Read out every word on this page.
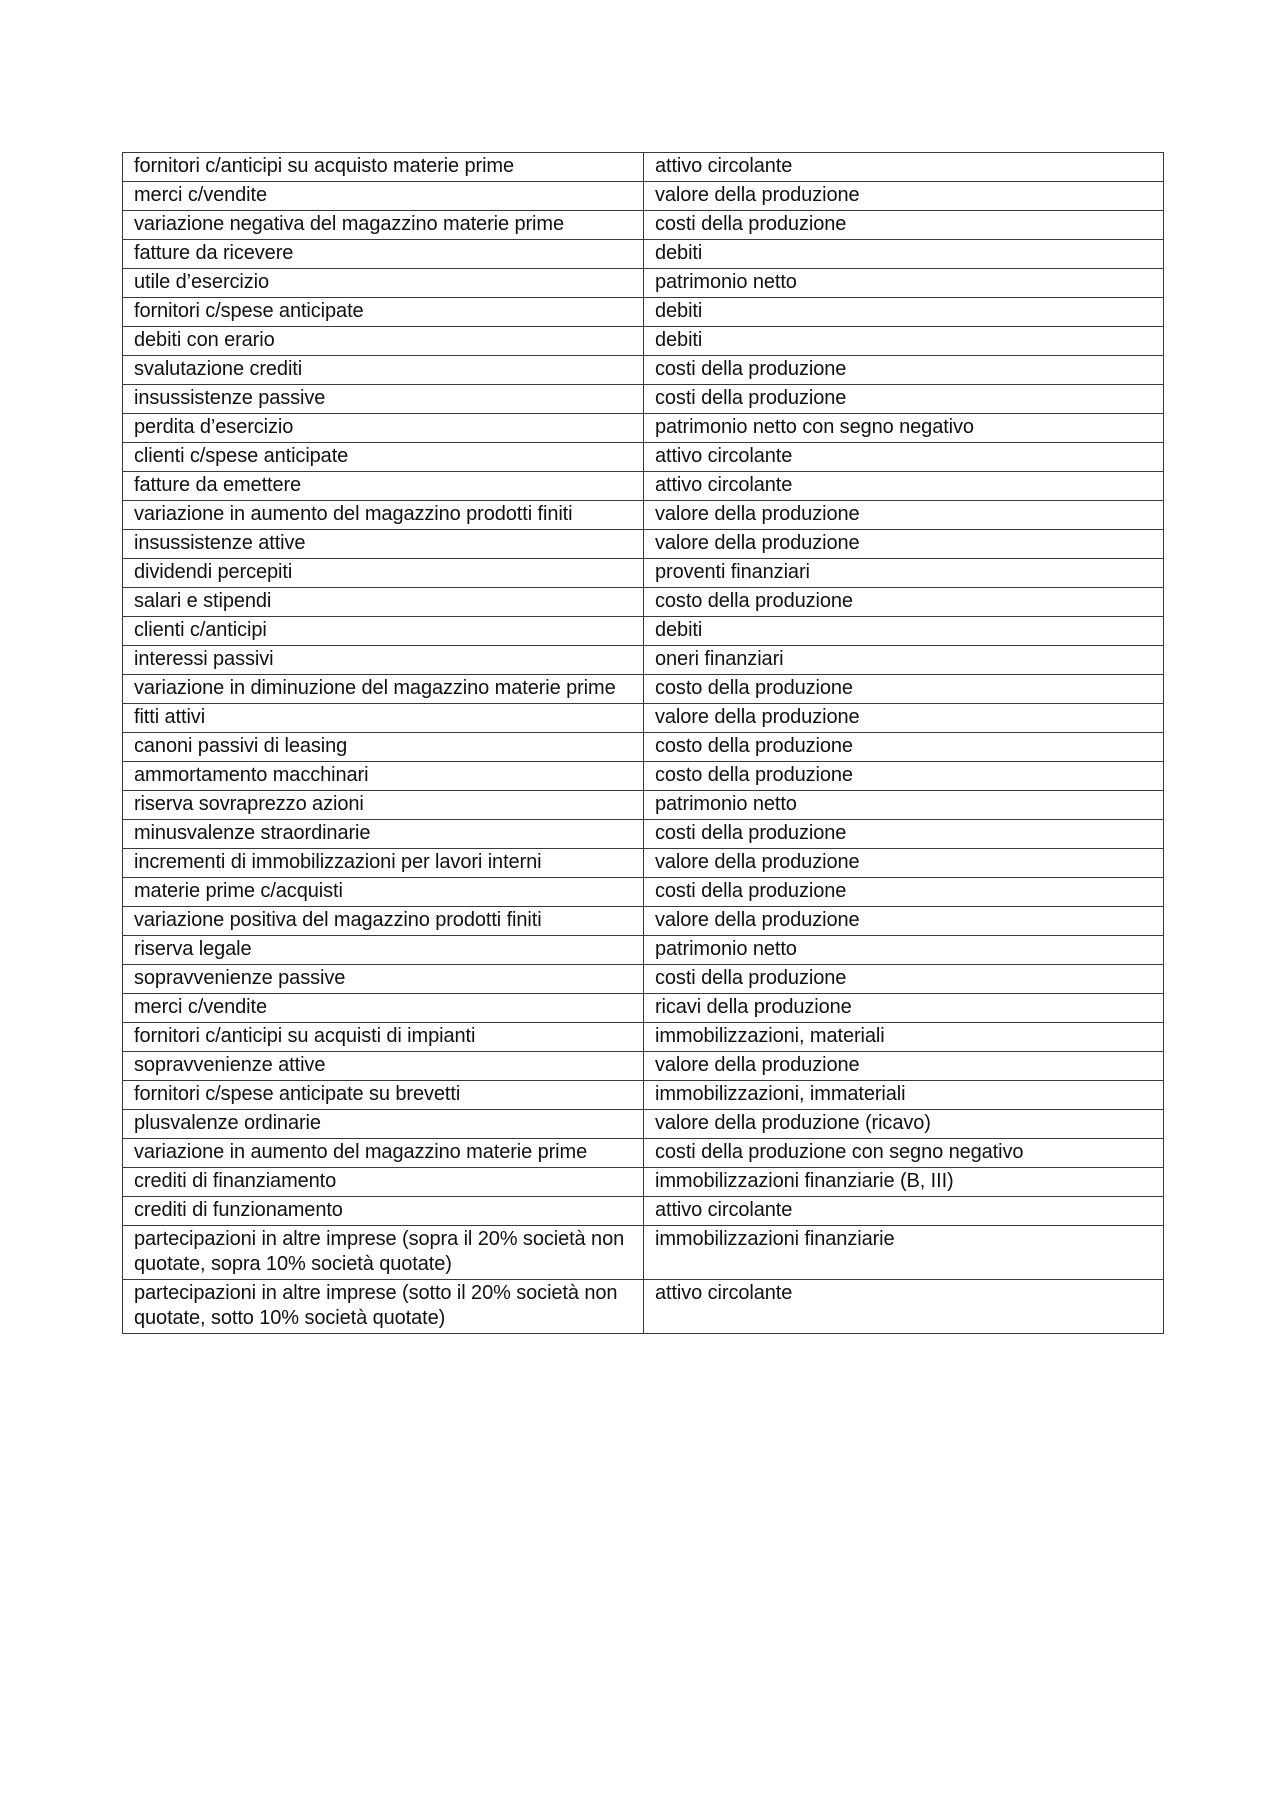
fornitori c/anticipi su acquisto materie prime	attivo circolante
merci c/vendite	valore della produzione
variazione negativa del magazzino materie prime	costi della produzione
fatture da ricevere	debiti
utile d’esercizio	patrimonio netto
fornitori c/spese anticipate	debiti
debiti con erario	debiti
svalutazione crediti	costi della produzione
insussistenze passive	costi della produzione
perdita d’esercizio	patrimonio netto con segno negativo
clienti c/spese anticipate	attivo circolante
fatture da emettere	attivo circolante
variazione in aumento del magazzino prodotti finiti	valore della produzione
insussistenze attive	valore della produzione
dividendi percepiti	proventi finanziari
salari e stipendi	costo della produzione
clienti c/anticipi	debiti
interessi passivi	oneri finanziari
variazione in diminuzione del magazzino materie prime	costo della produzione
fitti attivi	valore della produzione
canoni passivi di leasing	costo della produzione
ammortamento macchinari	costo della produzione
riserva sovraprezzo azioni	patrimonio netto
minusvalenze straordinarie	costi della produzione
incrementi di immobilizzazioni per lavori interni	valore della produzione
materie prime c/acquisti	costi della produzione
variazione positiva del magazzino prodotti finiti	valore della produzione
riserva legale	patrimonio netto
sopravvenienze passive	costi della produzione
merci c/vendite	ricavi della produzione
fornitori c/anticipi su acquisti di impianti	immobilizzazioni, materiali
sopravvenienze attive	valore della produzione
fornitori c/spese anticipate su brevetti	immobilizzazioni, immateriali
plusvalenze ordinarie	valore della produzione (ricavo)
variazione in aumento del magazzino materie prime	costi della produzione con segno negativo
crediti di finanziamento	immobilizzazioni finanziarie (B, III)
crediti di funzionamento	attivo circolante
partecipazioni in altre imprese (sopra il 20% società non quotate, sopra 10% società quotate)	immobilizzazioni finanziarie
partecipazioni in altre imprese (sotto il 20% società non quotate, sotto 10% società quotate)	attivo circolante
